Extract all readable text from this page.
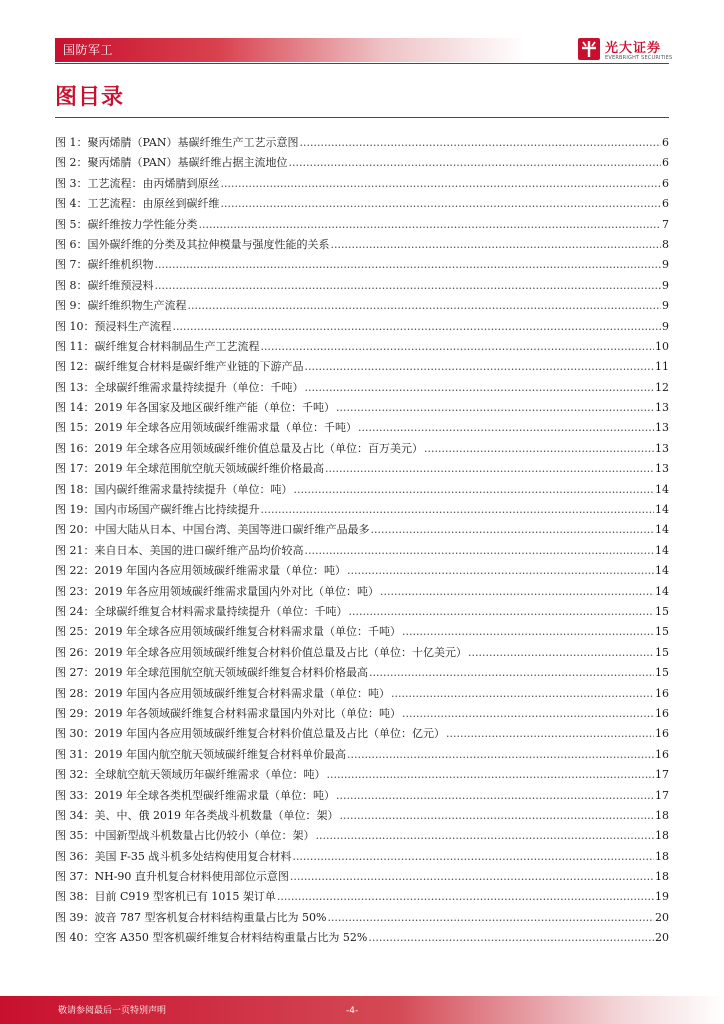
国防军工	光大证券
EVERBRIGHT SECURITIES
图目录
图 1：聚丙烯腈（PAN）基碳纤维生产工艺示意图 .....	6
图 2：聚丙烯腈（PAN）基碳纤维占据主流地位 .....	6
图 3：工艺流程：由丙烯腈到原丝 .....	6
图 4：工艺流程：由原丝到碳纤维 .....	6
图 5：碳纤维按力学性能分类 .....	7
图 6：国外碳纤维的分类及其拉伸模量与强度性能的关系 .....	8
图 7：碳纤维机织物 .....	9
图 8：碳纤维预浸料 .....	9
图 9：碳纤维织物生产流程 .....	9
图 10：预浸料生产流程 .....	9
图 11：碳纤维复合材料制品生产工艺流程 .....	10
图 12：碳纤维复合材料是碳纤维产业链的下游产品 .....	11
图 13：全球碳纤维需求量持续提升（单位：千吨） .....	12
图 14：2019 年各国家及地区碳纤维产能（单位：千吨） .....	13
图 15：2019 年全球各应用领域碳纤维需求量（单位：千吨） .....	13
图 16：2019 年全球各应用领域碳纤维价值总量及占比（单位：百万美元） .....	13
图 17：2019 年全球范围航空航天领域碳纤维价格最高 .....	13
图 18：国内碳纤维需求量持续提升（单位：吨） .....	14
图 19：国内市场国产碳纤维占比持续提升 .....	14
图 20：中国大陆从日本、中国台湾、美国等进口碳纤维产品最多 .....	14
图 21：来自日本、美国的进口碳纤维产品均价较高 .....	14
图 22：2019 年国内各应用领域碳纤维需求量（单位：吨） .....	14
图 23：2019 年各应用领域碳纤维需求量国内外对比（单位：吨） .....	14
图 24：全球碳纤维复合材料需求量持续提升（单位：千吨） .....	15
图 25：2019 年全球各应用领域碳纤维复合材料需求量（单位：千吨） .....	15
图 26：2019 年全球各应用领域碳纤维复合材料价值总量及占比（单位：十亿美元） .....	15
图 27：2019 年全球范围航空航天领域碳纤维复合材料价格最高 .....	15
图 28：2019 年国内各应用领域碳纤维复合材料需求量（单位：吨） .....	16
图 29：2019 年各领域碳纤维复合材料需求量国内外对比（单位：吨） .....	16
图 30：2019 年国内各应用领域碳纤维复合材料价值总量及占比（单位：亿元） .....	16
图 31：2019 年国内航空航天领域碳纤维复合材料单价最高 .....	16
图 32：全球航空航天领域历年碳纤维需求（单位：吨） .....	17
图 33：2019 年全球各类机型碳纤维需求量（单位：吨） .....	17
图 34：美、中、俄 2019 年各类战斗机数量（单位：架） .....	18
图 35：中国新型战斗机数量占比仍较小（单位：架） .....	18
图 36：美国 F-35 战斗机多处结构使用复合材料 .....	18
图 37：NH-90 直升机复合材料使用部位示意图 .....	18
图 38：目前 C919 型客机已有 1015 架订单 .....	19
图 39：波音 787 型客机复合材料结构重量占比为 50% .....	20
图 40：空客 A350 型客机碳纤维复合材料结构重量占比为 52% .....	20
敬请参阅最后一页特别声明	-4-
